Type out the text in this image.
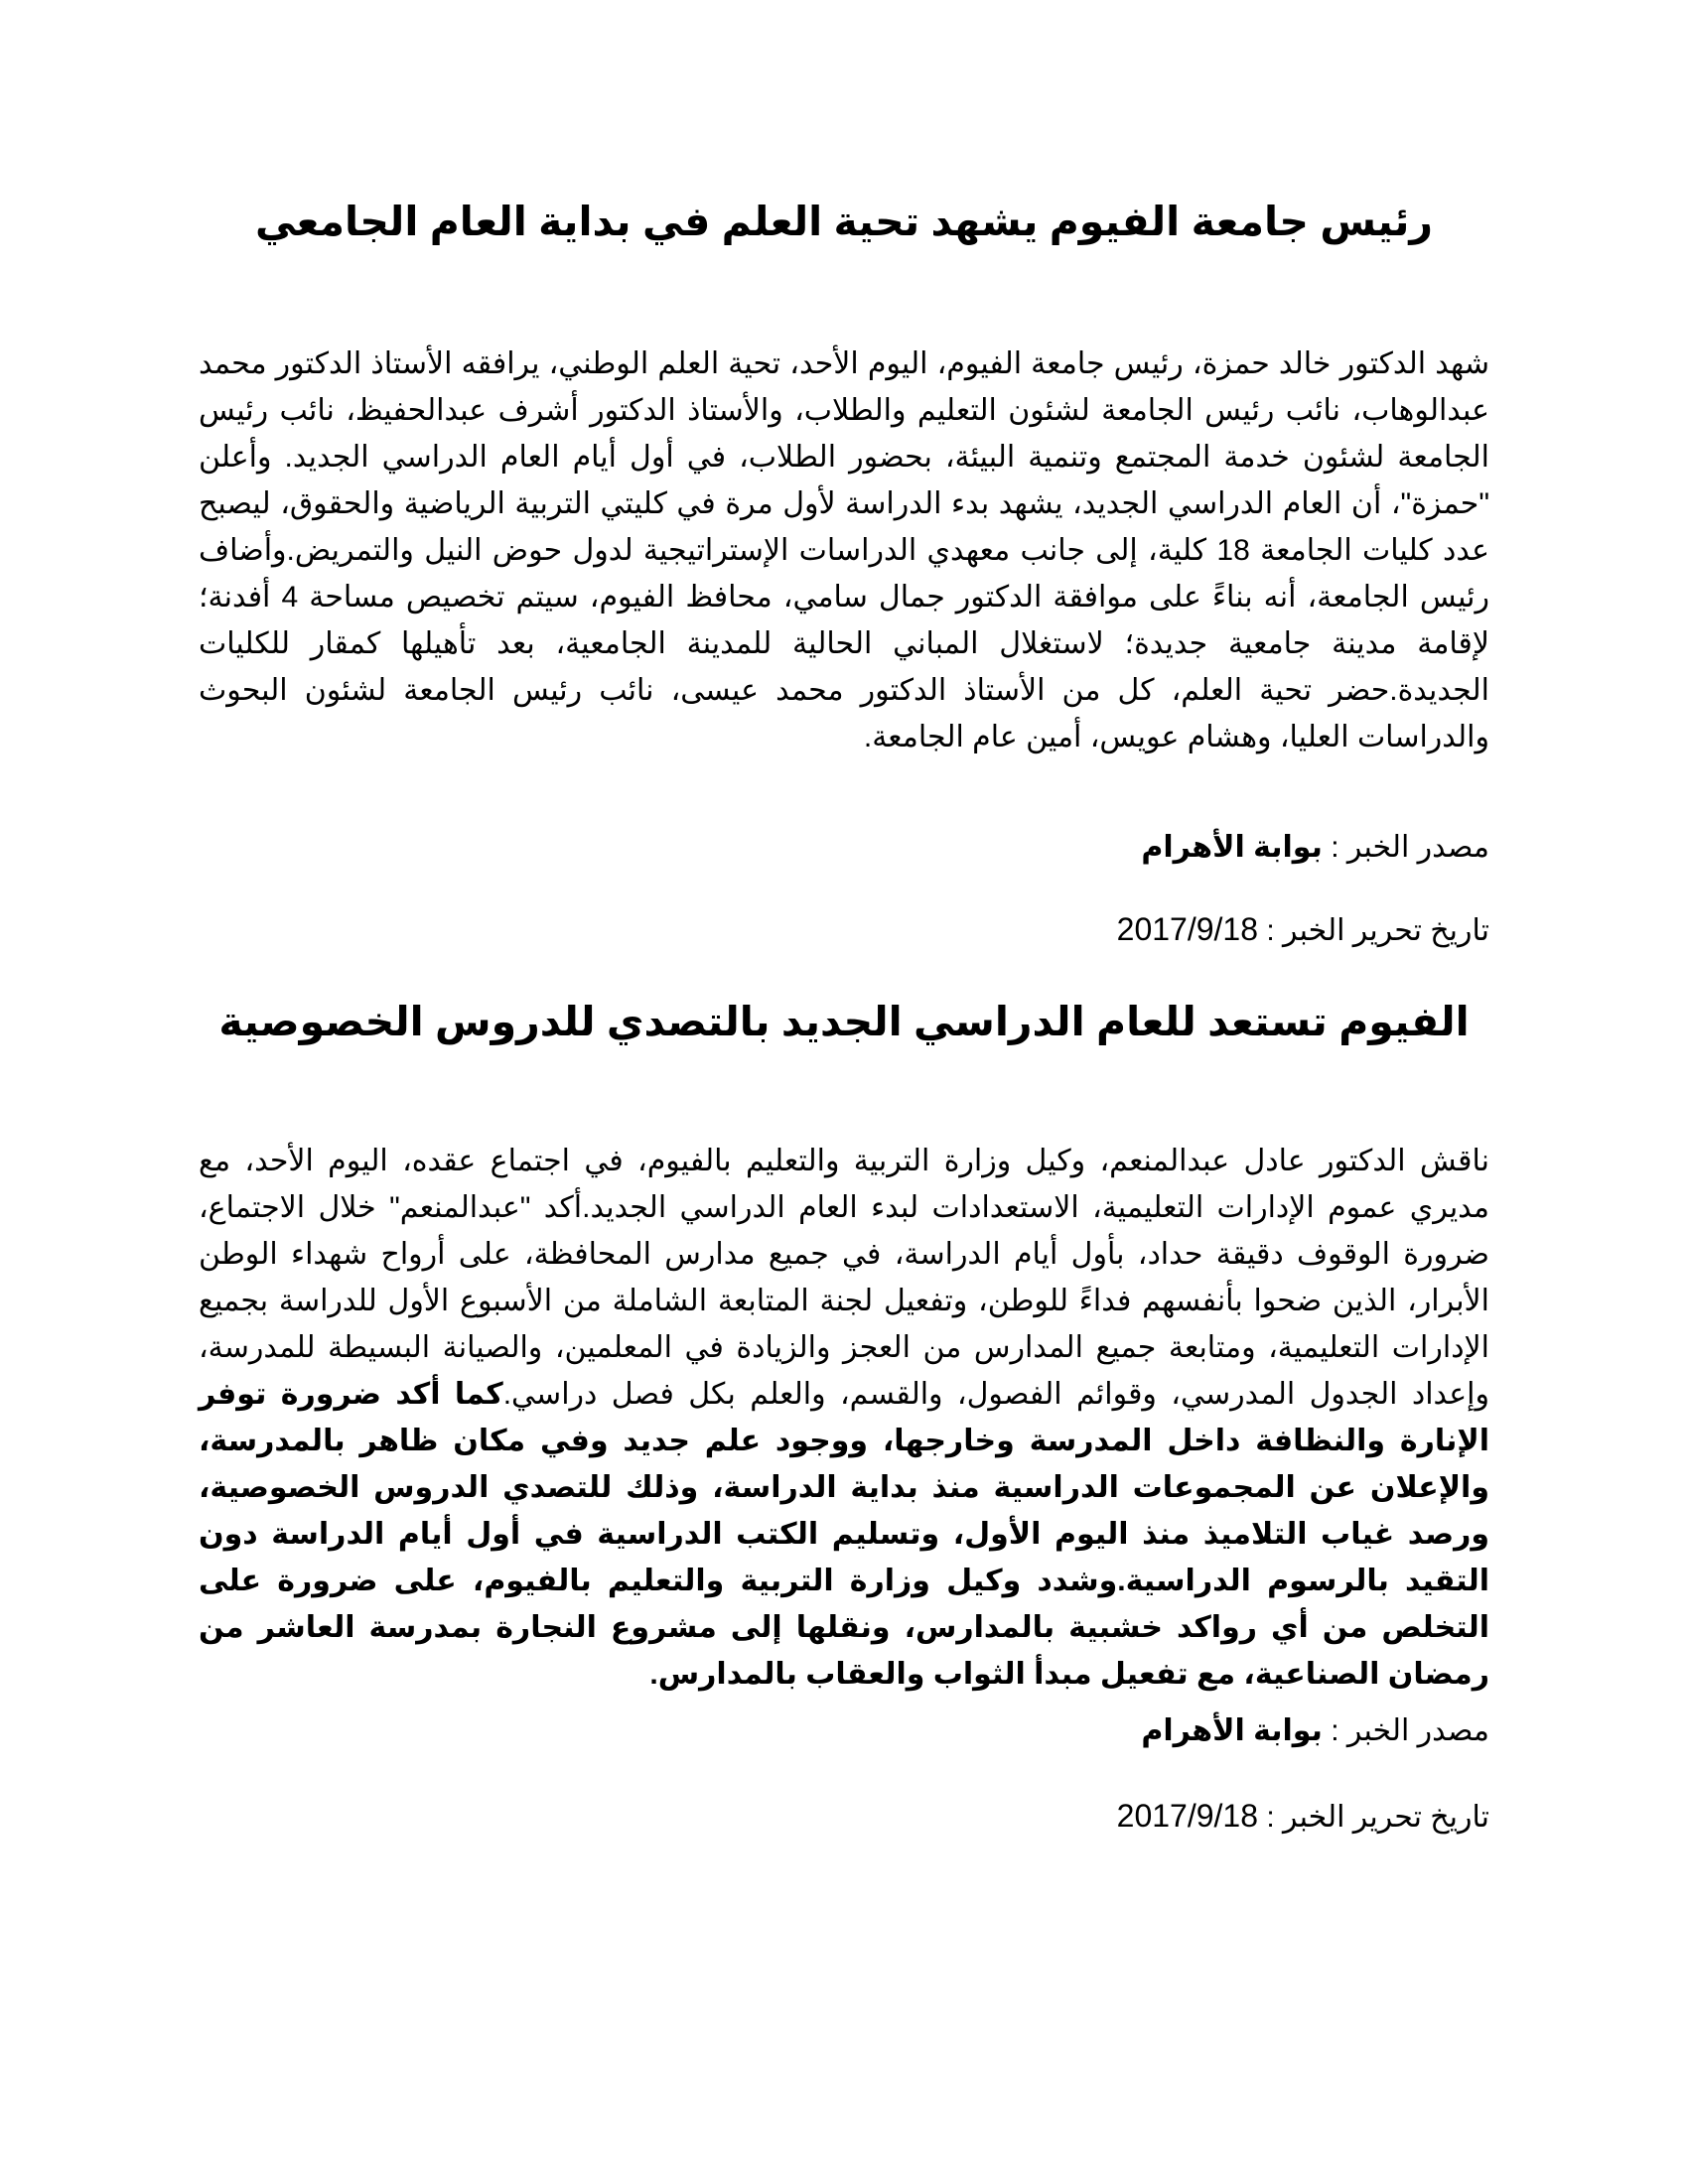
رئيس جامعة الفيوم يشهد تحية العلم في بداية العام الجامعي

شهد الدكتور خالد حمزة، رئيس جامعة الفيوم، اليوم الأحد، تحية العلم الوطني، يرافقه الأستاذ الدكتور محمد عبدالوهاب، نائب رئيس الجامعة لشئون التعليم والطلاب، والأستاذ الدكتور أشرف عبدالحفيظ، نائب رئيس الجامعة لشئون خدمة المجتمع وتنمية البيئة، بحضور الطلاب، في أول أيام العام الدراسي الجديد. وأعلن "حمزة"، أن العام الدراسي الجديد، يشهد بدء الدراسة لأول مرة في كليتي التربية الرياضية والحقوق، ليصبح عدد كليات الجامعة 18 كلية، إلى جانب معهدي الدراسات الإستراتيجية لدول حوض النيل والتمريض.وأضاف رئيس الجامعة، أنه بناءً على موافقة الدكتور جمال سامي، محافظ الفيوم، سيتم تخصيص مساحة 4 أفدنة؛ لإقامة مدينة جامعية جديدة؛ لاستغلال المباني الحالية للمدينة الجامعية، بعد تأهيلها كمقار للكليات الجديدة.حضر تحية العلم، كل من الأستاذ الدكتور محمد عيسى، نائب رئيس الجامعة لشئون البحوث والدراسات العليا، وهشام عويس، أمين عام الجامعة.

مصدر الخبر : بوابة الأهرام

تاريخ تحرير الخبر : 2017/9/18

الفيوم تستعد للعام الدراسي الجديد بالتصدي للدروس الخصوصية

ناقش الدكتور عادل عبدالمنعم، وكيل وزارة التربية والتعليم بالفيوم، في اجتماع عقده، اليوم الأحد، مع مديري عموم الإدارات التعليمية، الاستعدادات لبدء العام الدراسي الجديد.أكد "عبدالمنعم" خلال الاجتماع، ضرورة الوقوف دقيقة حداد، بأول أيام الدراسة، في جميع مدارس المحافظة، على أرواح شهداء الوطن الأبرار، الذين ضحوا بأنفسهم فداءً للوطن، وتفعيل لجنة المتابعة الشاملة من الأسبوع الأول للدراسة بجميع الإدارات التعليمية، ومتابعة جميع المدارس من العجز والزيادة في المعلمين، والصيانة البسيطة للمدرسة، وإعداد الجدول المدرسي، وقوائم الفصول، والقسم، والعلم بكل فصل دراسي.كما أكد ضرورة توفر الإنارة والنظافة داخل المدرسة وخارجها، ووجود علم جديد وفي مكان ظاهر بالمدرسة، والإعلان عن المجموعات الدراسية منذ بداية الدراسة، وذلك للتصدي الدروس الخصوصية، ورصد غياب التلاميذ منذ اليوم الأول، وتسليم الكتب الدراسية في أول أيام الدراسة دون التقيد بالرسوم الدراسية.وشدد وكيل وزارة التربية والتعليم بالفيوم، على ضرورة على التخلص من أي رواكد خشبية بالمدارس، ونقلها إلى مشروع النجارة بمدرسة العاشر من رمضان الصناعية، مع تفعيل مبدأ الثواب والعقاب بالمدارس.

مصدر الخبر : بوابة الأهرام

تاريخ تحرير الخبر : 2017/9/18
